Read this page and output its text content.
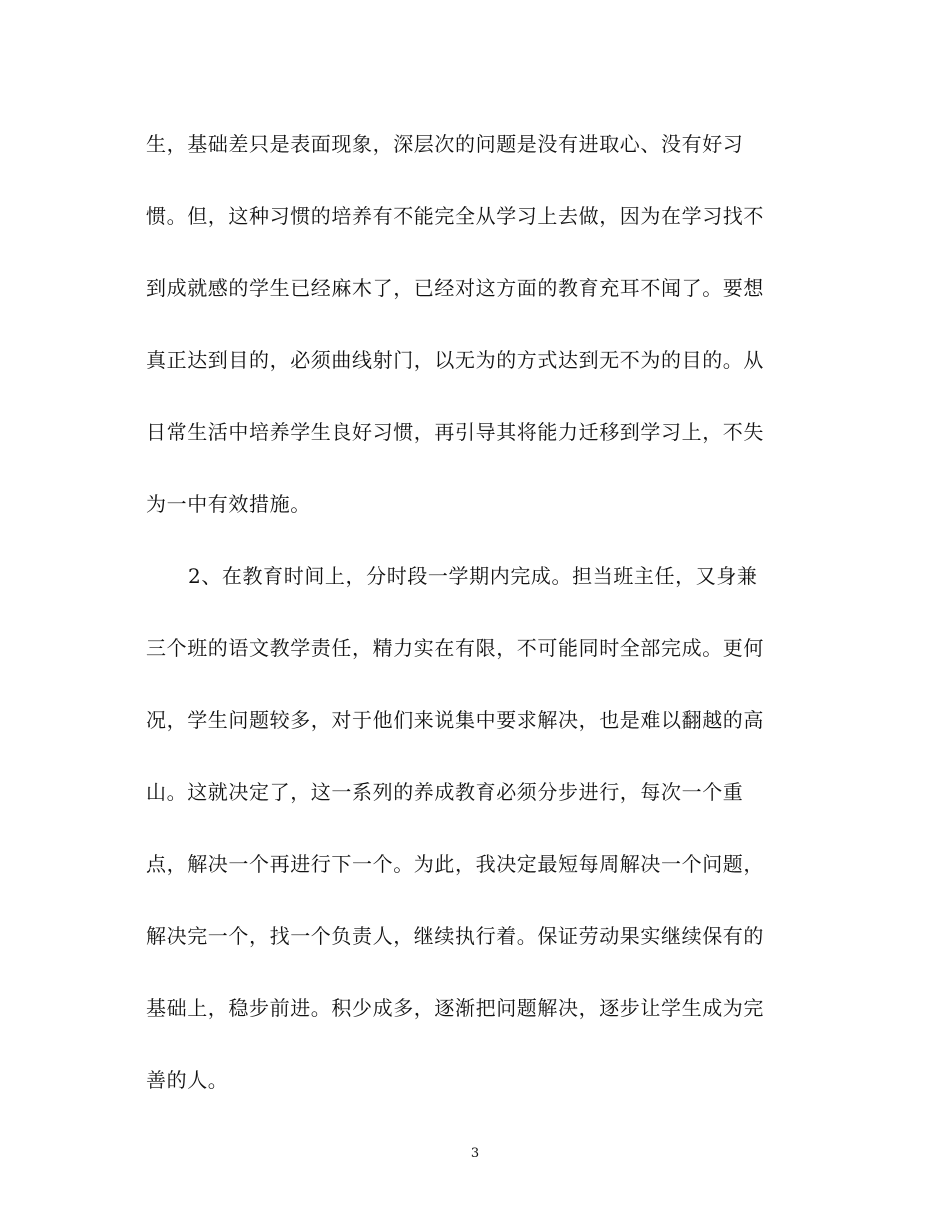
生，基础差只是表面现象，深层次的问题是没有进取心、没有好习
惯。但，这种习惯的培养有不能完全从学习上去做，因为在学习找不
到成就感的学生已经麻木了，已经对这方面的教育充耳不闻了。要想
真正达到目的，必须曲线射门，以无为的方式达到无不为的目的。从
日常生活中培养学生良好习惯，再引导其将能力迁移到学习上，不失
为一中有效措施。
2、在教育时间上，分时段一学期内完成。担当班主任，又身兼
三个班的语文教学责任，精力实在有限，不可能同时全部完成。更何
况，学生问题较多，对于他们来说集中要求解决，也是难以翻越的高
山。这就决定了，这一系列的养成教育必须分步进行，每次一个重
点，解决一个再进行下一个。为此，我决定最短每周解决一个问题，
解决完一个，找一个负责人，继续执行着。保证劳动果实继续保有的
基础上，稳步前进。积少成多，逐渐把问题解决，逐步让学生成为完
善的人。
3
